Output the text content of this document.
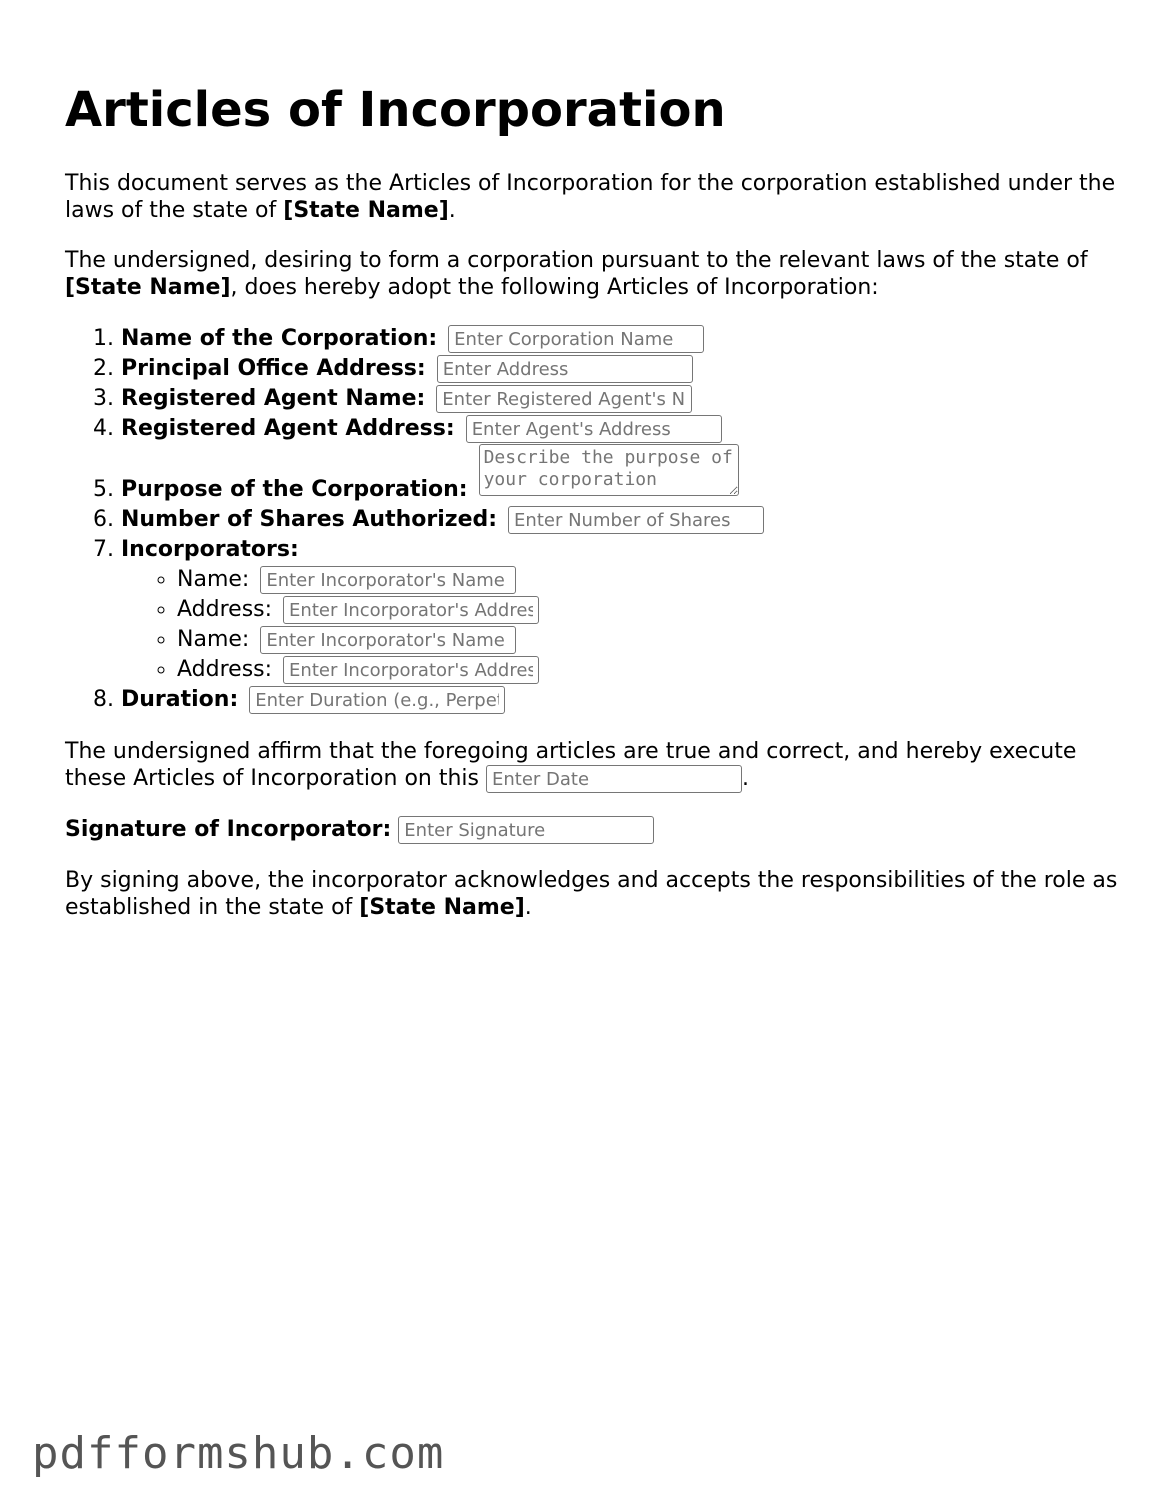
Articles of Incorporation

This document serves as the Articles of Incorporation for the corporation established under the laws of the state of [State Name].

The undersigned, desiring to form a corporation pursuant to the relevant laws of the state of [State Name], does hereby adopt the following Articles of Incorporation:

1. Name of the Corporation: Enter Corporation Name
2. Principal Office Address: Enter Address
3. Registered Agent Name: Enter Registered Agent's Name
4. Registered Agent Address: Enter Agent's Address
5. Purpose of the Corporation: Describe the purpose of your corporation
6. Number of Shares Authorized: Enter Number of Shares
7. Incorporators:
◦ Name: Enter Incorporator's Name
◦ Address: Enter Incorporator's Address
◦ Name: Enter Incorporator's Name
◦ Address: Enter Incorporator's Address
8. Duration: Enter Duration (e.g., Perpetual)

The undersigned affirm that the foregoing articles are true and correct, and hereby execute these Articles of Incorporation on this Enter Date	.

Signature of Incorporator: Enter Signature

By signing above, the incorporator acknowledges and accepts the responsibilities of the role as established in the state of [State Name].

pdfformshub.com
